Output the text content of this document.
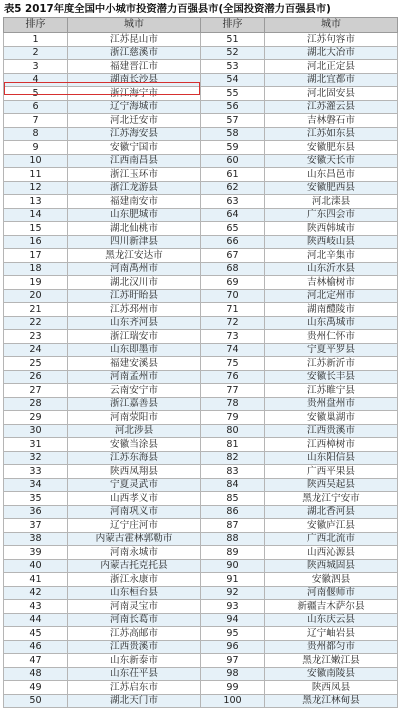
表5 2017年度全国中小城市投资潜力百强县市(全国投资潜力百强县市)
排序	城市	排序	城市
1	江苏昆山市	51	江苏句容市
2	浙江慈溪市	52	湖北大冶市
3	福建晋江市	53	河北正定县
4	湖南长沙县	54	湖北宜都市
5	浙江海宁市	55	河北固安县
6	辽宁海城市	56	江苏灌云县
7	河北迁安市	57	吉林磐石市
8	江苏海安县	58	江苏如东县
9	安徽宁国市	59	安徽肥东县
10	江西南昌县	60	安徽天长市
11	浙江玉环市	61	山东昌邑市
12	浙江龙游县	62	安徽肥西县
13	福建南安市	63	河北滦县
14	山东肥城市	64	广东四会市
15	湖北仙桃市	65	陕西韩城市
16	四川新津县	66	陕西岐山县
17	黑龙江安达市	67	河北辛集市
18	河南禹州市	68	山东沂水县
19	湖北汉川市	69	吉林榆树市
20	江苏盱眙县	70	河北定州市
21	江苏邳州市	71	湖南醴陵市
22	山东齐河县	72	山东禹城市
23	浙江瑞安市	73	贵州仁怀市
24	山东即墨市	74	宁夏平罗县
25	福建安溪县	75	江苏新沂市
26	河南孟州市	76	安徽长丰县
27	云南安宁市	77	江苏睢宁县
28	浙江嘉善县	78	贵州盘州市
29	河南荥阳市	79	安徽巢湖市
30	河北涉县	80	江西贵溪市
31	安徽当涂县	81	江西樟树市
32	江苏东海县	82	山东阳信县
33	陕西凤翔县	83	广西平果县
34	宁夏灵武市	84	陕西吴起县
35	山西孝义市	85	黑龙江宁安市
36	河南巩义市	86	湖北香河县
37	辽宁庄河市	87	安徽庐江县
38	内蒙古霍林郭勒市	88	广西北流市
39	河南永城市	89	山西沁源县
40	内蒙古托克托县	90	陕西城固县
41	浙江永康市	91	安徽泗县
42	山东桓台县	92	河南偃师市
43	河南灵宝市	93	新疆吉木萨尔县
44	河南长葛市	94	山东庆云县
45	江苏高邮市	95	辽宁岫岩县
46	江西贵溪市	96	贵州都匀市
47	山东新泰市	97	黑龙江嫩江县
48	山东茌平县	98	安徽南陵县
49	江苏启东市	99	陕西凤县
50	湖北天门市	100	黑龙江林甸县
